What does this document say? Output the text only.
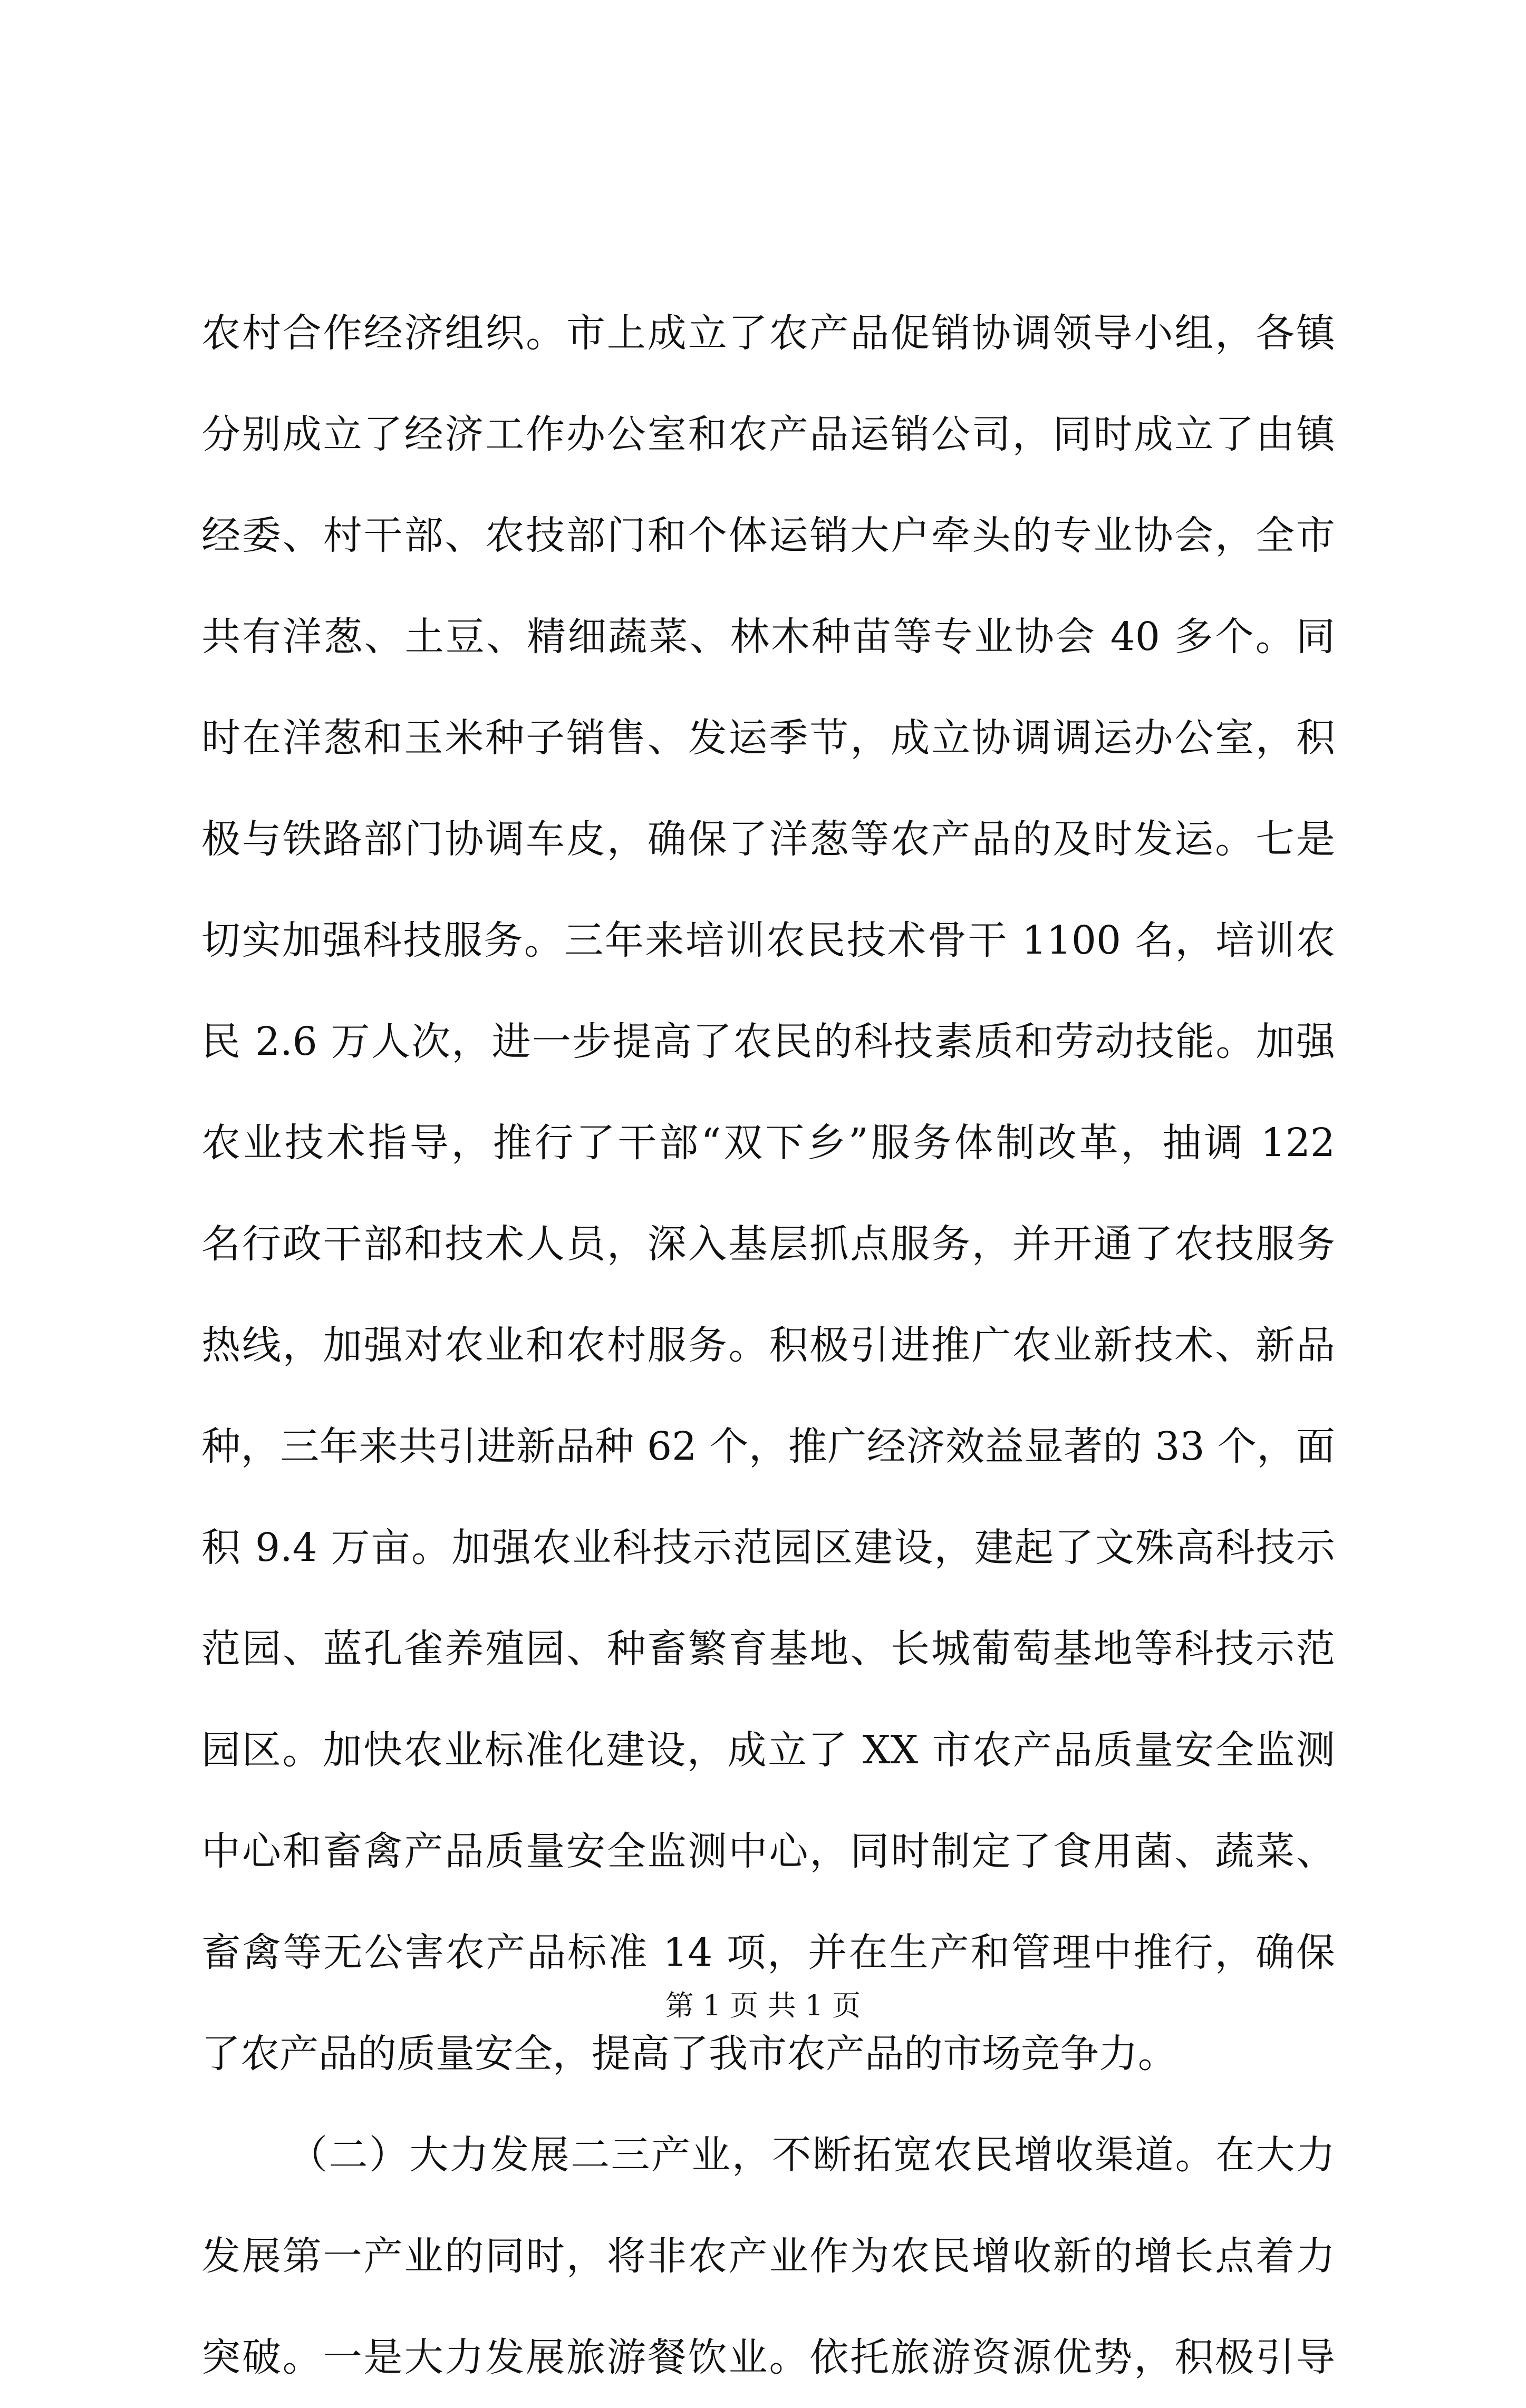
农村合作经济组织。市上成立了农产品促销协调领导小组，各镇
分别成立了经济工作办公室和农产品运销公司，同时成立了由镇
经委、村干部、农技部门和个体运销大户牵头的专业协会，全市
共有洋葱、土豆、精细蔬菜、林木种苗等专业协会 40 多个。同
时在洋葱和玉米种子销售、发运季节，成立协调调运办公室，积
极与铁路部门协调车皮，确保了洋葱等农产品的及时发运。七是
切实加强科技服务。三年来培训农民技术骨干 1100 名，培训农
民 2.6 万人次，进一步提高了农民的科技素质和劳动技能。加强
农业技术指导，推行了干部“双下乡”服务体制改革，抽调 122
名行政干部和技术人员，深入基层抓点服务，并开通了农技服务
热线，加强对农业和农村服务。积极引进推广农业新技术、新品
种，三年来共引进新品种 62 个，推广经济效益显著的 33 个，面
积 9.4 万亩。加强农业科技示范园区建设，建起了文殊高科技示
范园、蓝孔雀养殖园、种畜繁育基地、长城葡萄基地等科技示范
园区。加快农业标准化建设，成立了 XX 市农产品质量安全监测
中心和畜禽产品质量安全监测中心，同时制定了食用菌、蔬菜、
畜禽等无公害农产品标准 14 项，并在生产和管理中推行，确保
了农产品的质量安全，提高了我市农产品的市场竞争力。
（二）大力发展二三产业，不断拓宽农民增收渠道。在大力
发展第一产业的同时，将非农产业作为农民增收新的增长点着力
突破。一是大力发展旅游餐饮业。依托旅游资源优势，积极引导
第 1 页 共 1 页
